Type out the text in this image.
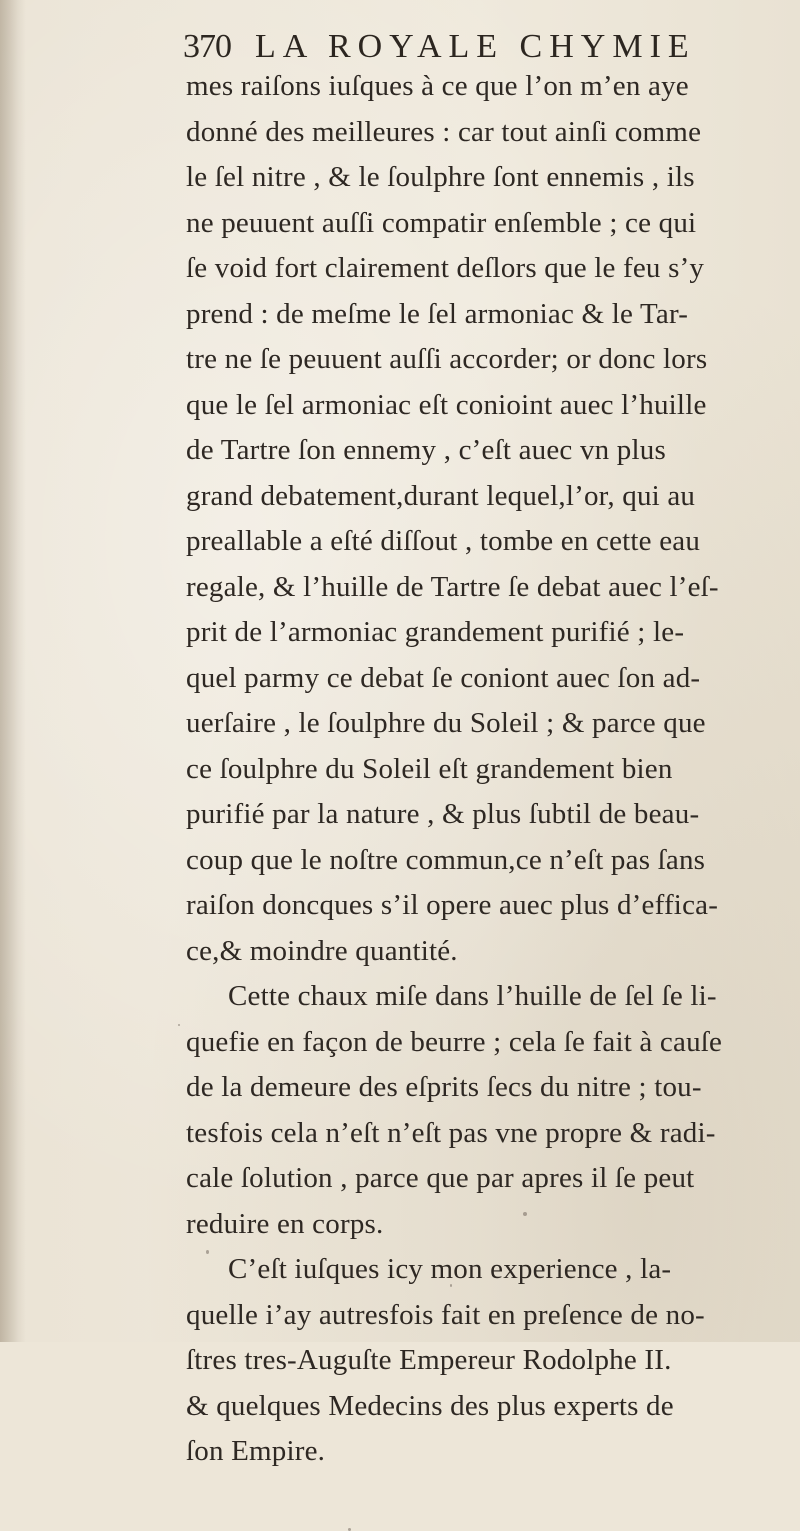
370 LA ROYALE CHYMIE
mes raiſons iuſques à ce que l’on m’en aye
donné des meilleures : car tout ainſi comme
le ſel nitre , & le ſoulphre ſont ennemis , ils
ne peuuent auſſi compatir enſemble ; ce qui
ſe void fort clairement deſlors que le feu s’y
prend : de meſme le ſel armoniac & le Tar-
tre ne ſe peuuent auſſi accorder; or donc lors
que le ſel armoniac eſt conioint auec l’huille
de Tartre ſon ennemy , c’eſt auec vn plus
grand debatement,durant lequel,l’or, qui au
preallable a eſté diſſout , tombe en cette eau
regale, & l’huille de Tartre ſe debat auec l’eſ-
prit de l’armoniac grandement purifié ; le-
quel parmy ce debat ſe coniont auec ſon ad-
uerſaire , le ſoulphre du Soleil ; & parce que
ce ſoulphre du Soleil eſt grandement bien
purifié par la nature , & plus ſubtil de beau-
coup que le noſtre commun,ce n’eſt pas ſans
raiſon doncques s’il opere auec plus d’efficа-
ce,& moindre quantité.
Cette chaux miſe dans l’huille de ſel ſe li-
quefie en façon de beurre ; cela ſe fait à cauſe
de la demeure des eſprits ſecs du nitre ; tou-
tesfois cela n’eſt n’eſt pas vne propre & radi-
cale ſolution , parce que par apres il ſe peut
reduire en corps.
C’eſt iuſques icy mon experience , la-
quelle i’ay autresfois fait en preſence de no-
ſtres tres-Auguſte Empereur Rodolphe II.
& quelques Medecins des plus experts de
ſon Empire.
